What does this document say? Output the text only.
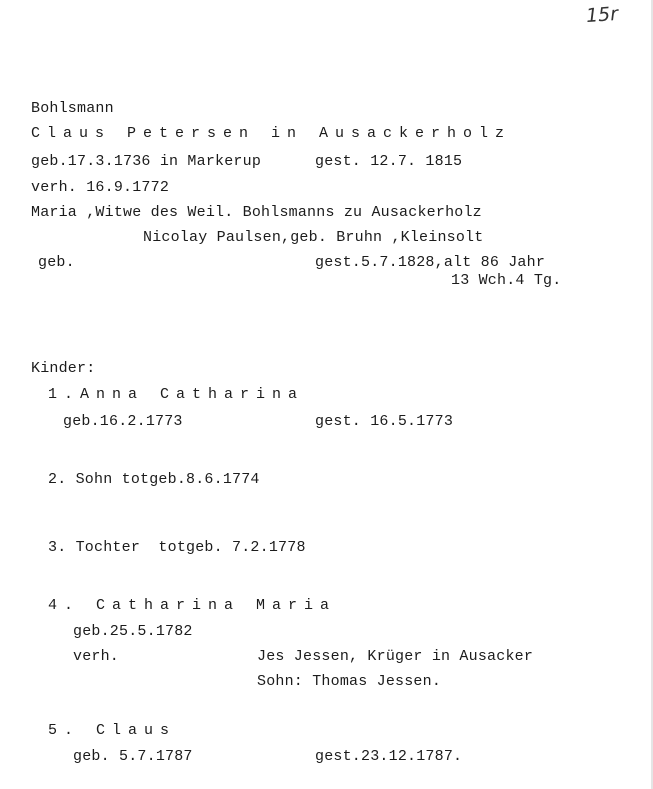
15r
Bohlsmann
Claus Petersen in Ausackerholz
geb.17.3.1736 in Markerup	gest. 12.7. 1815
verh. 16.9.1772
Maria ,Witwe des Weil. Bohlsmanns zu Ausackerholz
Nicolay Paulsen,geb. Bruhn ,Kleinsolt
geb.	gest.5.7.1828,alt 86 Jahr
13 Wch.4 Tg.
Kinder:
1.Anna Catharina
geb.16.2.1773	gest. 16.5.1773
2. Sohn totgeb.8.6.1774
3. Tochter  totgeb. 7.2.1778
4. Catharina Maria
geb.25.5.1782
verh.	Jes Jessen, Krüger in Ausacker
Sohn: Thomas Jessen.
5. Claus
geb. 5.7.1787	gest.23.12.1787.
